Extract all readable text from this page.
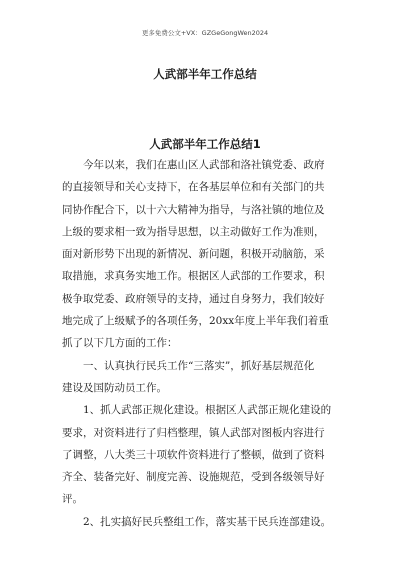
更多免费公文+VX：GZGeGongWen2024
人武部半年工作总结
人武部半年工作总结1
今年以来，我们在惠山区人武部和洛社镇党委、政府
的直接领导和关心支持下，在各基层单位和有关部门的共
同协作配合下，以十六大精神为指导，与洛社镇的地位及
上级的要求相一致为指导思想，以主动做好工作为准则，
面对新形势下出现的新情况、新问题，积极开动脑筋，采
取措施，求真务实地工作。根据区人武部的工作要求，积
极争取党委、政府领导的支持，通过自身努力，我们较好
地完成了上级赋予的各项任务，20xx年度上半年我们着重
抓了以下几方面的工作：
一、认真执行民兵工作“三落实”，抓好基层规范化
建设及国防动员工作。
1、抓人武部正规化建设。根据区人武部正规化建设的
要求，对资料进行了归档整理，镇人武部对图板内容进行
了调整，八大类三十项软件资料进行了整顿，做到了资料
齐全、装备完好、制度完善、设施规范，受到各级领导好
评。
2、扎实搞好民兵整组工作，落实基干民兵连部建设。
